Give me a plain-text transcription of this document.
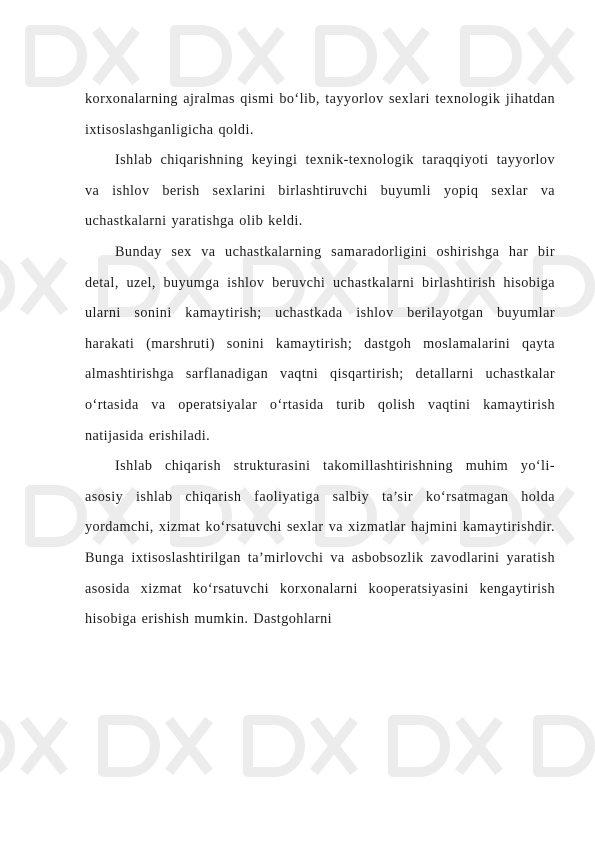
korxonalarning ajralmas qismi bo‘lib, tayyorlov sexlari texnologik jihatdan ixtisoslashganligicha qoldi.

Ishlab chiqarishning keyingi texnik-texnologik taraqqiyoti tayyorlov va ishlov berish sexlarini birlashtiruvchi buyumli yopiq sexlar va uchastkalarni yaratishga olib keldi.

Bunday sex va uchastkalarning samaradorligini oshirishga har bir detal, uzel, buyumga ishlov beruvchi uchastkalarni birlashtirish hisobiga ularni sonini kamaytirish; uchastkada ishlov berilayotgan buyumlar harakati (marshruti) sonini kamaytirish; dastgoh moslamalarini qayta almashtirishga sarflanadigan vaqtni qisqartirish; detallarni uchastkalar o‘rtasida va operatsiyalar o‘rtasida turib qolish vaqtini kamaytirish natijasida erishiladi.

Ishlab chiqarish strukturasini takomillashtirishning muhim yo‘li-asosiy ishlab chiqarish faoliyatiga salbiy ta’sir ko‘rsatmagan holda yordamchi, xizmat ko‘rsatuvchi sexlar va xizmatlar hajmini kamaytirishdir. Bunga ixtisoslashtirilgan ta’mirlovchi va asbobsozlik zavodlarini yaratish asosida xizmat ko‘rsatuvchi korxonalarni kooperatsiyasini kengaytirish hisobiga erishish mumkin. Dastgohlarni
